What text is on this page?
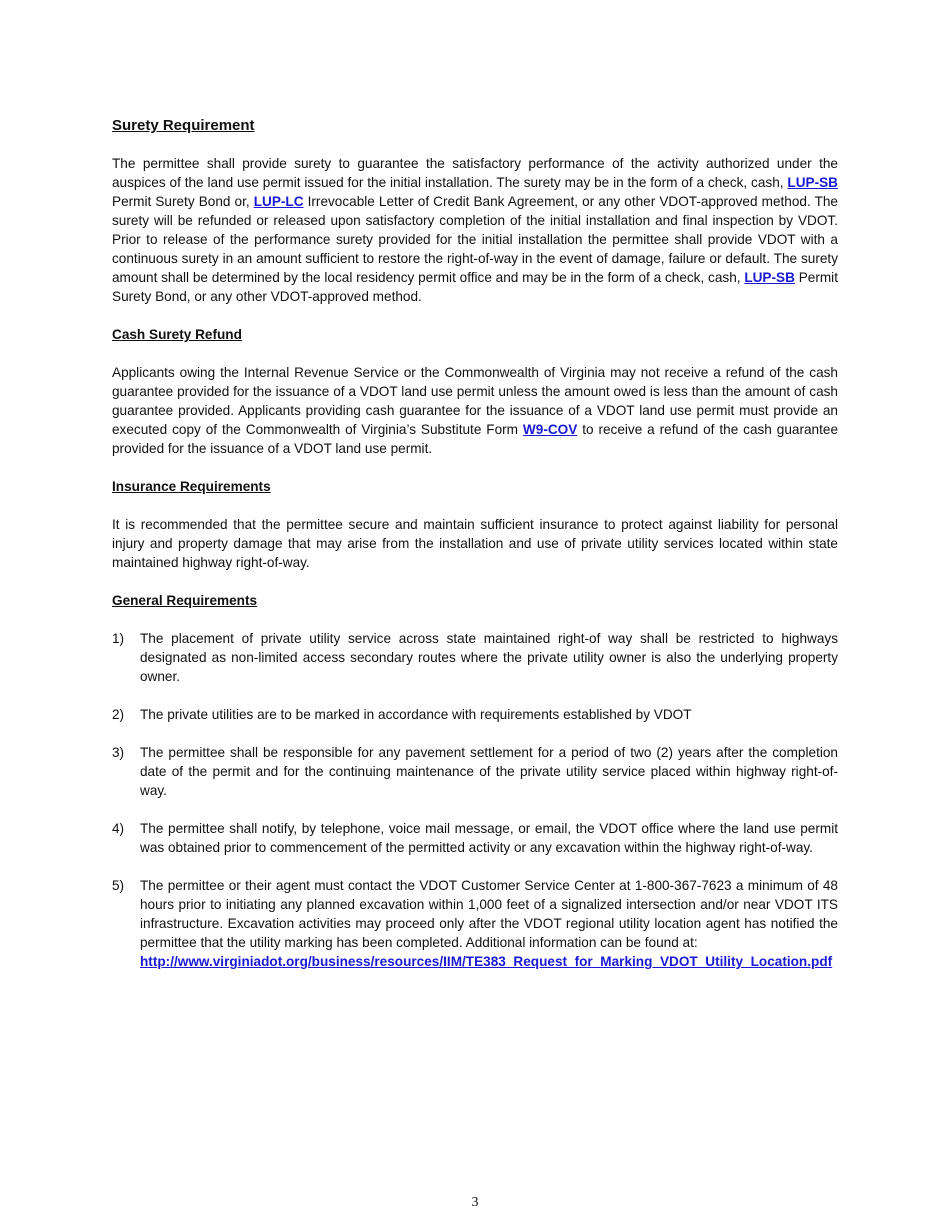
Surety Requirement

The permittee shall provide surety to guarantee the satisfactory performance of the activity authorized under the auspices of the land use permit issued for the initial installation. The surety may be in the form of a check, cash, LUP-SB Permit Surety Bond or, LUP-LC Irrevocable Letter of Credit Bank Agreement, or any other VDOT-approved method. The surety will be refunded or released upon satisfactory completion of the initial installation and final inspection by VDOT. Prior to release of the performance surety provided for the initial installation the permittee shall provide VDOT with a continuous surety in an amount sufficient to restore the right-of-way in the event of damage, failure or default. The surety amount shall be determined by the local residency permit office and may be in the form of a check, cash, LUP-SB Permit Surety Bond, or any other VDOT-approved method.

Cash Surety Refund

Applicants owing the Internal Revenue Service or the Commonwealth of Virginia may not receive a refund of the cash guarantee provided for the issuance of a VDOT land use permit unless the amount owed is less than the amount of cash guarantee provided. Applicants providing cash guarantee for the issuance of a VDOT land use permit must provide an executed copy of the Commonwealth of Virginia’s Substitute Form W9-COV to receive a refund of the cash guarantee provided for the issuance of a VDOT land use permit.

Insurance Requirements

It is recommended that the permittee secure and maintain sufficient insurance to protect against liability for personal injury and property damage that may arise from the installation and use of private utility services located within state maintained highway right-of-way.

General Requirements
1) The placement of private utility service across state maintained right-of way shall be restricted to highways designated as non-limited access secondary routes where the private utility owner is also the underlying property owner.
2) The private utilities are to be marked in accordance with requirements established by VDOT
3) The permittee shall be responsible for any pavement settlement for a period of two (2) years after the completion date of the permit and for the continuing maintenance of the private utility service placed within highway right-of-way.
4) The permittee shall notify, by telephone, voice mail message, or email, the VDOT office where the land use permit was obtained prior to commencement of the permitted activity or any excavation within the highway right-of-way.
5) The permittee or their agent must contact the VDOT Customer Service Center at 1-800-367-7623 a minimum of 48 hours prior to initiating any planned excavation within 1,000 feet of a signalized intersection and/or near VDOT ITS infrastructure. Excavation activities may proceed only after the VDOT regional utility location agent has notified the permittee that the utility marking has been completed. Additional information can be found at:
http://www.virginiadot.org/business/resources/IIM/TE383_Request_for_Marking_VDOT_Utility_Location.pdf
3
